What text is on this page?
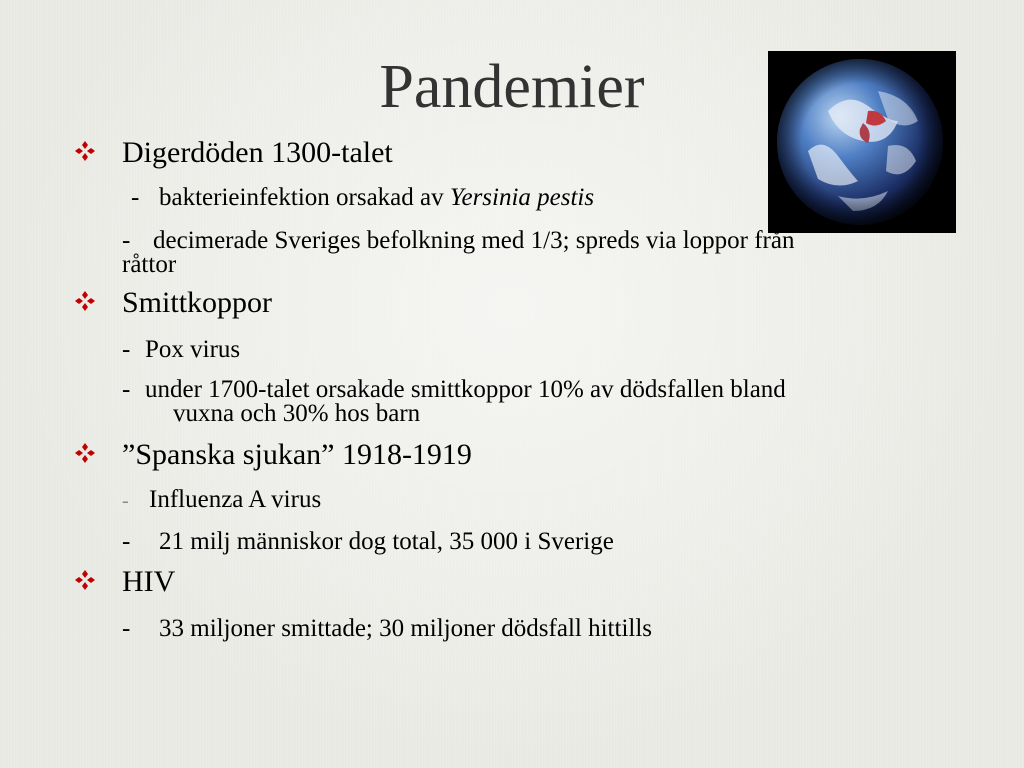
Pandemier
Digerdöden 1300-talet
- bakterieinfektion orsakad av Yersinia pestis
- decimerade Sveriges befolkning med 1/3; spreds via loppor från
råttor
Smittkoppor
- Pox virus
- under 1700-talet orsakade smittkoppor 10% av dödsfallen bland
vuxna och 30% hos barn
”Spanska sjukan” 1918-1919
- Influenza A virus
- 21 milj människor dog total, 35 000 i Sverige
HIV
- 33 miljoner smittade; 30 miljoner dödsfall hittills
